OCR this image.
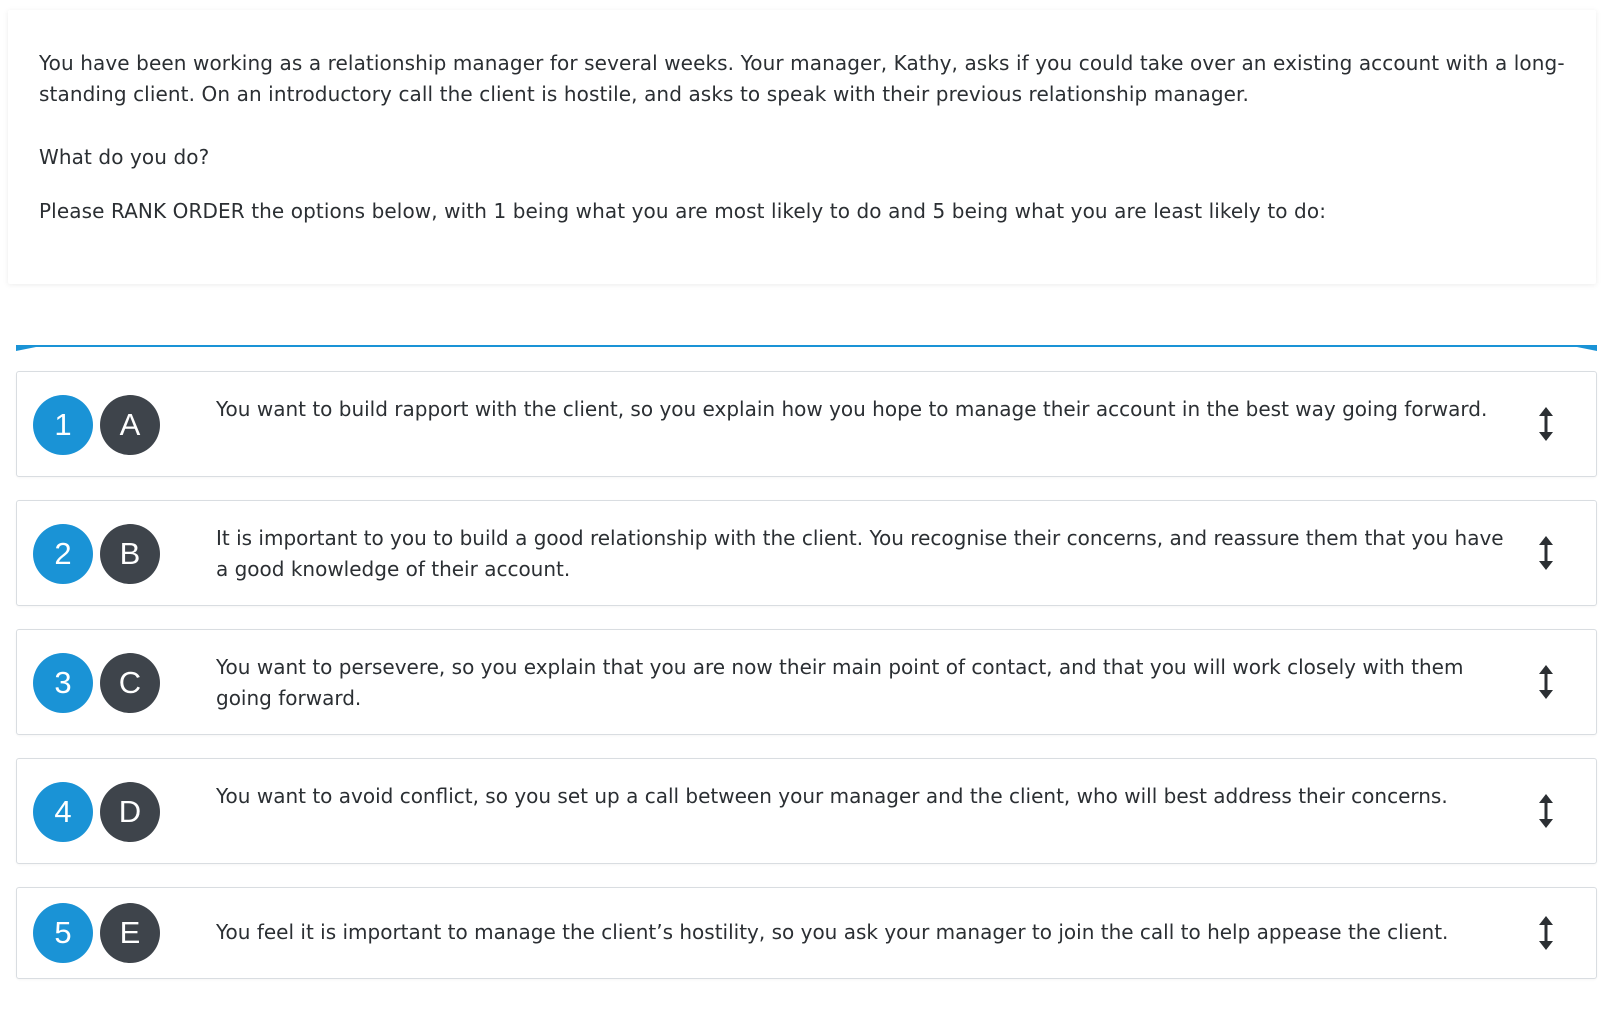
You have been working as a relationship manager for several weeks. Your manager, Kathy, asks if you could take over an existing account with a long-standing client. On an introductory call the client is hostile, and asks to speak with their previous relationship manager.

What do you do?

Please RANK ORDER the options below, with 1 being what you are most likely to do and 5 being what you are least likely to do:

1	A	You want to build rapport with the client, so you explain how you hope to manage their account in the best way going forward.

2	B	It is important to you to build a good relationship with the client. You recognise their concerns, and reassure them that you have a good knowledge of their account.

3	C	You want to persevere, so you explain that you are now their main point of contact, and that you will work closely with them going forward.

4	D	You want to avoid conflict, so you set up a call between your manager and the client, who will best address their concerns.

5	E	You feel it is important to manage the client’s hostility, so you ask your manager to join the call to help appease the client.
